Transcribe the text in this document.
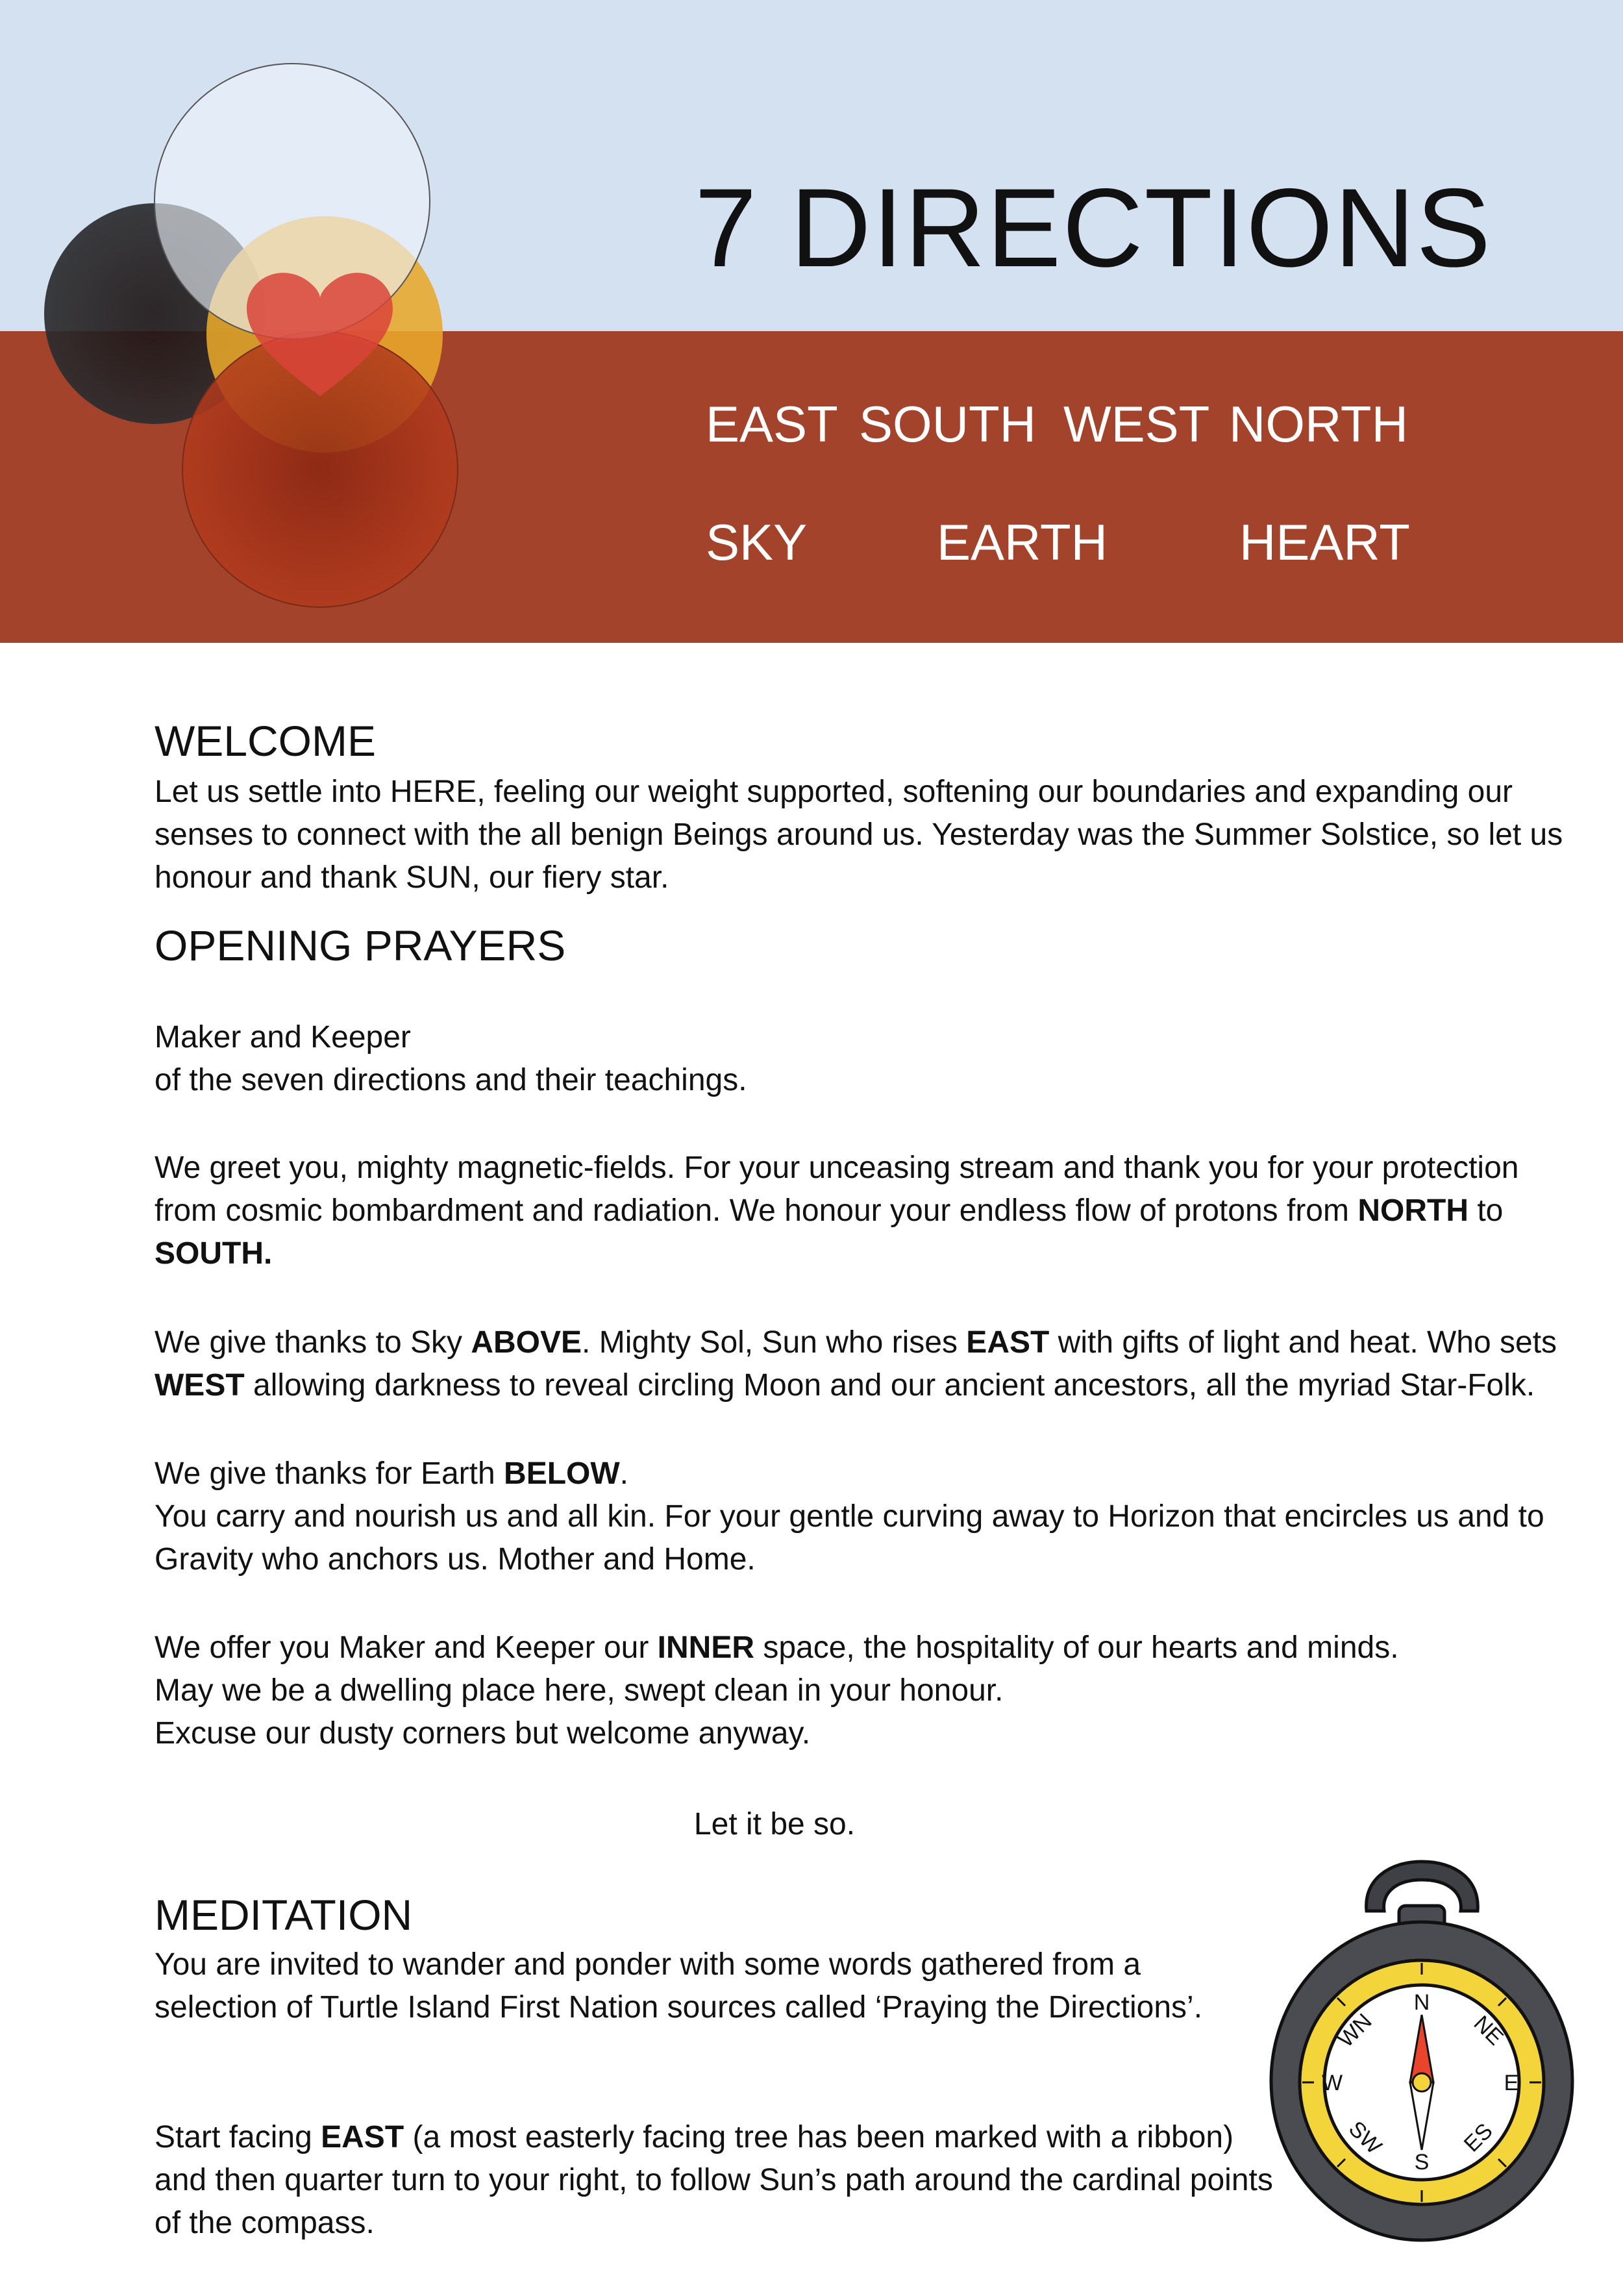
7 DIRECTIONS
EAST SOUTH WEST NORTH
SKY	EARTH	HEART
WELCOME

Let us settle into HERE, feeling our weight supported, softening our boundaries and expanding our senses to connect with the all benign Beings around us. Yesterday was the Summer Solstice, so let us honour and thank SUN, our fiery star.

OPENING PRAYERS

Maker and Keeper
of the seven directions and their teachings.

We greet you, mighty magnetic-fields. For your unceasing stream and thank you for your protection from cosmic bombardment and radiation. We honour your endless flow of protons from NORTH to SOUTH.

We give thanks to Sky ABOVE. Mighty Sol, Sun who rises EAST with gifts of light and heat. Who sets WEST allowing darkness to reveal circling Moon and our ancient ancestors, all the myriad Star-Folk.

We give thanks for Earth BELOW.
You carry and nourish us and all kin. For your gentle curving away to Horizon that encircles us and to Gravity who anchors us. Mother and Home.

We offer you Maker and Keeper our INNER space, the hospitality of our hearts and minds.
May we be a dwelling place here, swept clean in your honour.
Excuse our dusty corners but welcome anyway.

Let it be so.

MEDITATION

You are invited to wander and ponder with some words gathered from a selection of Turtle Island First Nation sources called ‘Praying the Directions’.

Start facing EAST (a most easterly facing tree has been marked with a ribbon) and then quarter turn to your right, to follow Sun’s path around the cardinal points of the compass.

N
NE
E
ES
S
SW
W
WN
